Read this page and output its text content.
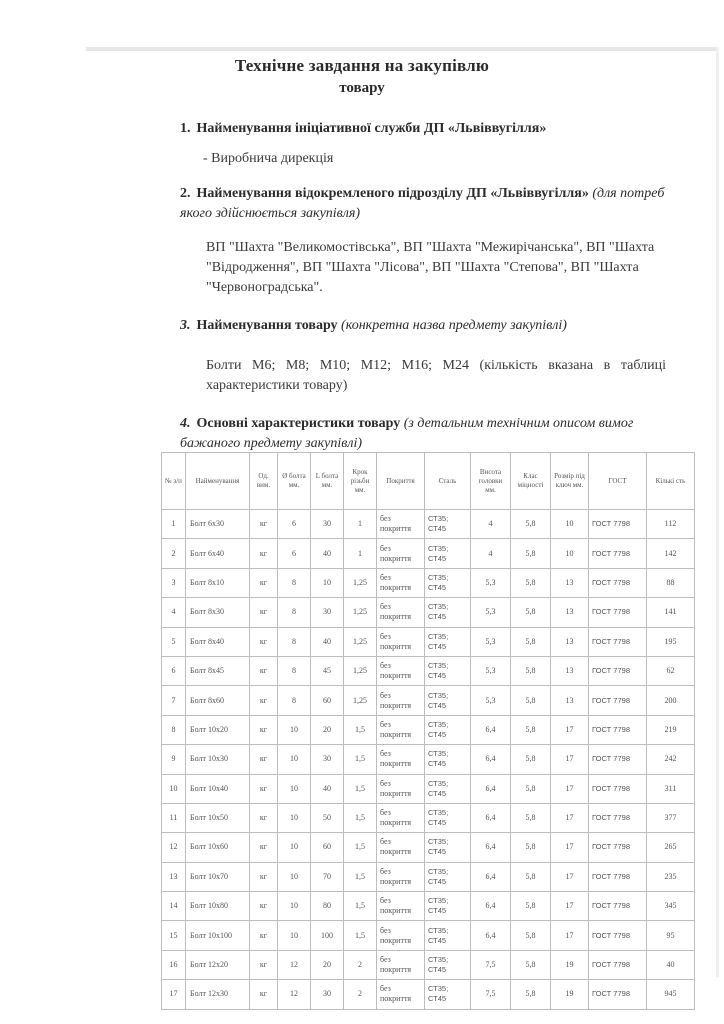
Технічне завдання на закупівлю
товару
1. Найменування ініціативної служби ДП «Львіввугілля»
- Виробнича дирекція
2. Найменування відокремленого підрозділу ДП «Львіввугілля» (для потреб якого здійснюється закупівля)
ВП "Шахта "Великомостівська", ВП "Шахта "Межирічанська", ВП "Шахта "Відродження", ВП "Шахта "Лісова", ВП "Шахта "Степова", ВП "Шахта "Червоноградська".
3. Найменування товару (конкретна назва предмету закупівлі)
Болти М6; М8; М10; М12; М16; М24 (кількість вказана в таблиці характеристики товару)
4. Основні характеристики товару (з детальним технічним описом вимог бажаного предмету закупівлі)
№ з/п	Найменування	Од. вим.	Ø болта мм.	L болта мм.	Крок різьби мм.	Покриття	Сталь	Висота головки мм.	Клас міцності	Розмір під ключ мм.	ГОСТ	Кількі сть
1	Болт 6х30	кг	6	30	1	без покриття	СТ35; СТ45	4	5,8	10	ГОСТ 7798	112
2	Болт 6х40	кг	6	40	1	без покриття	СТ35; СТ45	4	5,8	10	ГОСТ 7798	142
3	Болт 8х10	кг	8	10	1,25	без покриття	СТ35; СТ45	5,3	5,8	13	ГОСТ 7798	88
4	Болт 8х30	кг	8	30	1,25	без покриття	СТ35; СТ45	5,3	5,8	13	ГОСТ 7798	141
5	Болт 8х40	кг	8	40	1,25	без покриття	СТ35; СТ45	5,3	5,8	13	ГОСТ 7798	195
6	Болт 8х45	кг	8	45	1,25	без покриття	СТ35; СТ45	5,3	5,8	13	ГОСТ 7798	62
7	Болт 8х60	кг	8	60	1,25	без покриття	СТ35; СТ45	5,3	5,8	13	ГОСТ 7798	200
8	Болт 10х20	кг	10	20	1,5	без покриття	СТ35; СТ45	6,4	5,8	17	ГОСТ 7798	219
9	Болт 10х30	кг	10	30	1,5	без покриття	СТ35; СТ45	6,4	5,8	17	ГОСТ 7798	242
10	Болт 10х40	кг	10	40	1,5	без покриття	СТ35; СТ45	6,4	5,8	17	ГОСТ 7798	311
11	Болт 10х50	кг	10	50	1,5	без покриття	СТ35; СТ45	6,4	5,8	17	ГОСТ 7798	377
12	Болт 10х60	кг	10	60	1,5	без покриття	СТ35; СТ45	6,4	5,8	17	ГОСТ 7798	265
13	Болт 10х70	кг	10	70	1,5	без покриття	СТ35; СТ45	6,4	5,8	17	ГОСТ 7798	235
14	Болт 10х80	кг	10	80	1,5	без покриття	СТ35; СТ45	6,4	5,8	17	ГОСТ 7798	345
15	Болт 10х100	кг	10	100	1,5	без покриття	СТ35; СТ45	6,4	5,8	17	ГОСТ 7798	95
16	Болт 12х20	кг	12	20	2	без покриття	СТ35; СТ45	7,5	5,8	19	ГОСТ 7798	40
17	Болт 12х30	кг	12	30	2	без покриття	СТ35; СТ45	7,5	5,8	19	ГОСТ 7798	945
